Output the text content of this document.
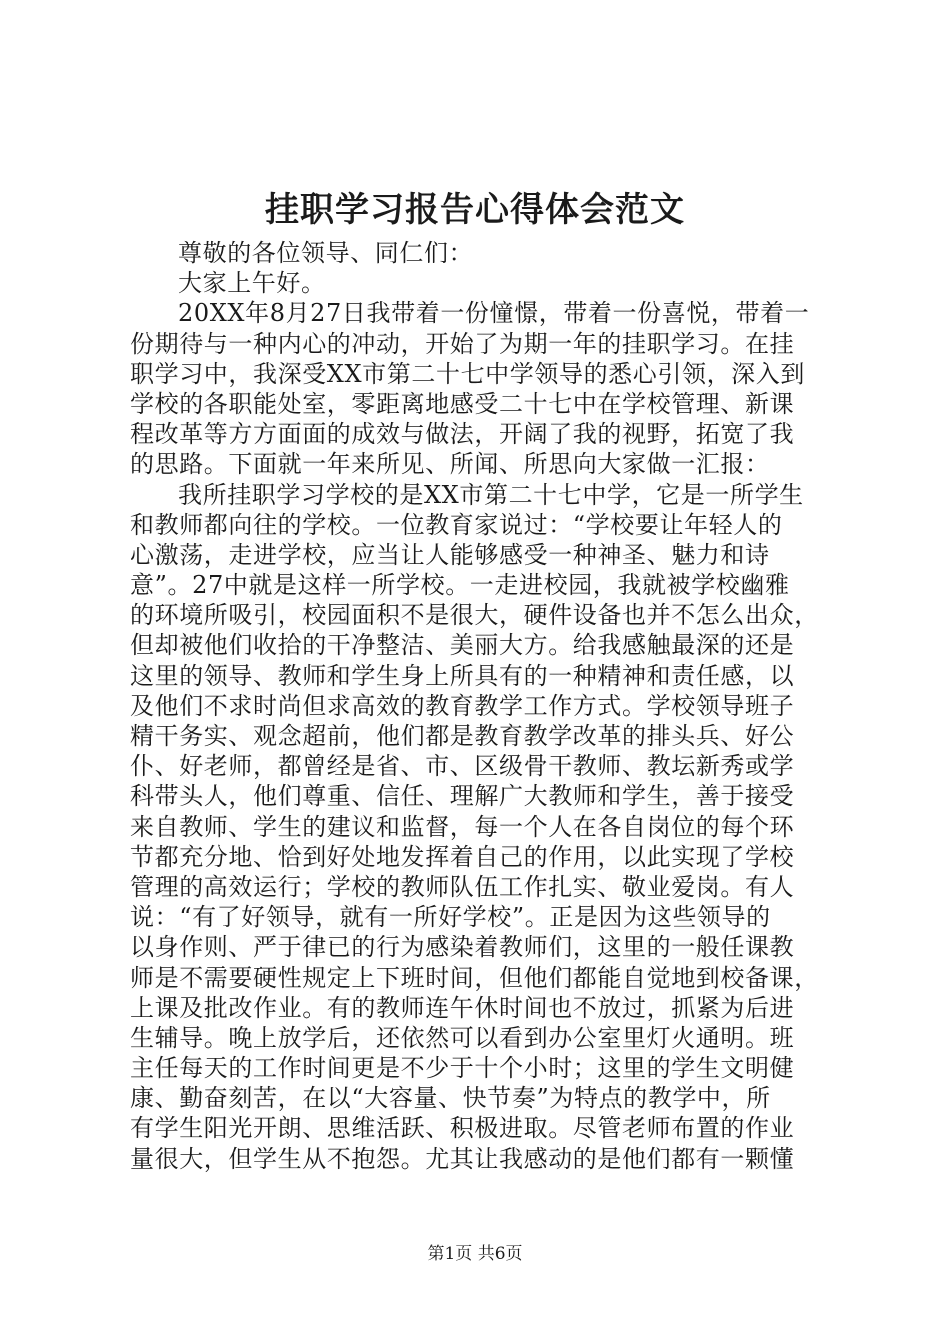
挂职学习报告心得体会范文
尊敬的各位领导、同仁们：
大家上午好。
20XX年8月27日我带着一份憧憬，带着一份喜悦，带着一
份期待与一种内心的冲动，开始了为期一年的挂职学习。在挂
职学习中，我深受XX市第二十七中学领导的悉心引领，深入到
学校的各职能处室，零距离地感受二十七中在学校管理、新课
程改革等方方面面的成效与做法，开阔了我的视野，拓宽了我
的思路。下面就一年来所见、所闻、所思向大家做一汇报：
我所挂职学习学校的是XX市第二十七中学，它是一所学生
和教师都向往的学校。一位教育家说过：“学校要让年轻人的
心激荡，走进学校，应当让人能够感受一种神圣、魅力和诗
意”。27中就是这样一所学校。一走进校园，我就被学校幽雅
的环境所吸引，校园面积不是很大，硬件设备也并不怎么出众，
但却被他们收拾的干净整洁、美丽大方。给我感触最深的还是
这里的领导、教师和学生身上所具有的一种精神和责任感，以
及他们不求时尚但求高效的教育教学工作方式。学校领导班子
精干务实、观念超前，他们都是教育教学改革的排头兵、好公
仆、好老师，都曾经是省、市、区级骨干教师、教坛新秀或学
科带头人，他们尊重、信任、理解广大教师和学生，善于接受
来自教师、学生的建议和监督，每一个人在各自岗位的每个环
节都充分地、恰到好处地发挥着自己的作用，以此实现了学校
管理的高效运行；学校的教师队伍工作扎实、敬业爱岗。有人
说：“有了好领导，就有一所好学校”。正是因为这些领导的
以身作则、严于律已的行为感染着教师们，这里的一般任课教
师是不需要硬性规定上下班时间，但他们都能自觉地到校备课，
上课及批改作业。有的教师连午休时间也不放过，抓紧为后进
生辅导。晚上放学后，还依然可以看到办公室里灯火通明。班
主任每天的工作时间更是不少于十个小时；这里的学生文明健
康、勤奋刻苦，在以“大容量、快节奏”为特点的教学中，所
有学生阳光开朗、思维活跃、积极进取。尽管老师布置的作业
量很大，但学生从不抱怨。尤其让我感动的是他们都有一颗懂
第1页 共6页
